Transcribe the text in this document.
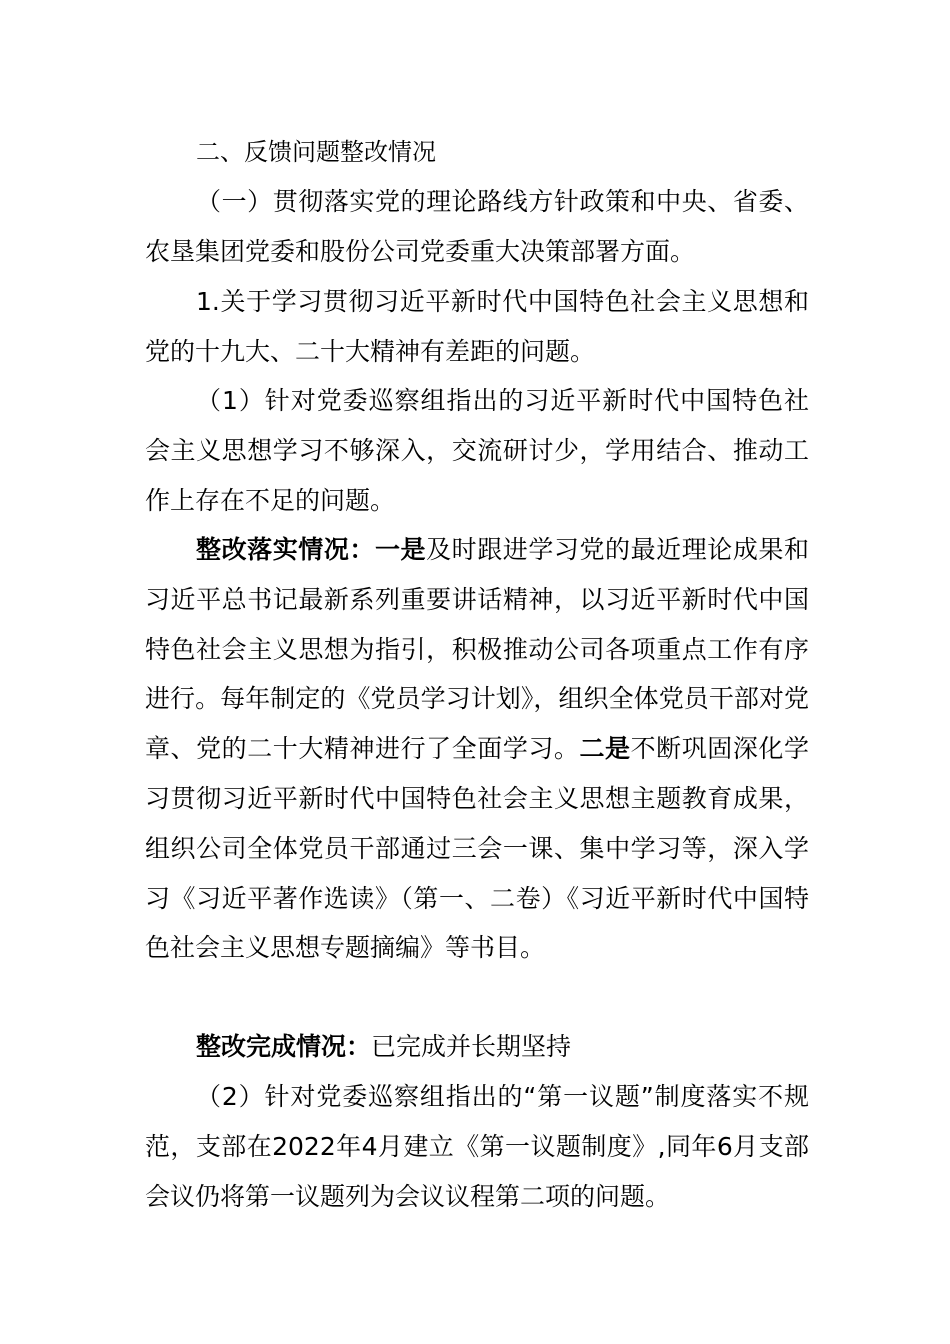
二、反馈问题整改情况
（一）贯彻落实党的理论路线方针政策和中央、省委、农垦集团党委和股份公司党委重大决策部署方面。
1.关于学习贯彻习近平新时代中国特色社会主义思想和党的十九大、二十大精神有差距的问题。
（1）针对党委巡察组指出的习近平新时代中国特色社会主义思想学习不够深入，交流研讨少，学用结合、推动工作上存在不足的问题。
整改落实情况：一是及时跟进学习党的最近理论成果和习近平总书记最新系列重要讲话精神，以习近平新时代中国特色社会主义思想为指引，积极推动公司各项重点工作有序进行。每年制定的《党员学习计划》，组织全体党员干部对党章、党的二十大精神进行了全面学习。二是不断巩固深化学习贯彻习近平新时代中国特色社会主义思想主题教育成果，组织公司全体党员干部通过三会一课、集中学习等，深入学习《习近平著作选读》（第一、二卷）《习近平新时代中国特色社会主义思想专题摘编》等书目。
整改完成情况：已完成并长期坚持
（2）针对党委巡察组指出的“第一议题”制度落实不规范，支部在2022年4月建立《第一议题制度》,同年6月支部会议仍将第一议题列为会议议程第二项的问题。
